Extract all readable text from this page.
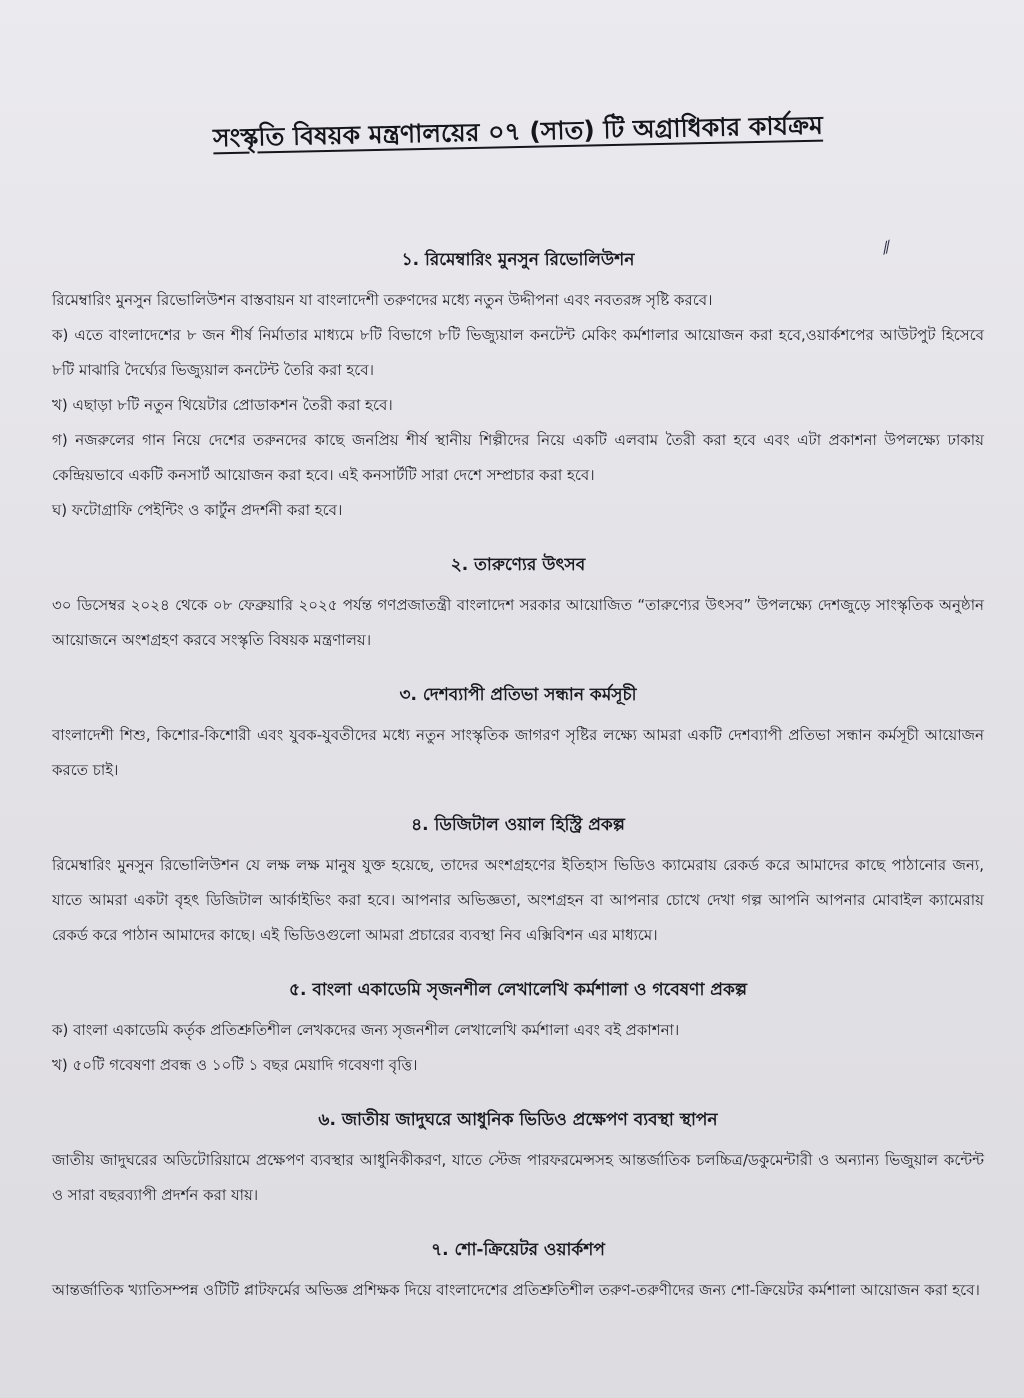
⁄⁄
সংস্কৃতি বিষয়ক মন্ত্রণালয়ের ০৭ (সাত) টি অগ্রাধিকার কার্যক্রম
১. রিমেম্বারিং মুনসুন রিভোলিউশন

রিমেম্বারিং মুনসুন রিভোলিউশন বাস্তবায়ন যা বাংলাদেশী তরুণদের মধ্যে নতুন উদ্দীপনা এবং নবতরঙ্গ সৃষ্টি করবে।

ক) এতে বাংলাদেশের ৮ জন শীর্ষ নির্মাতার মাধ্যমে ৮টি বিভাগে ৮টি ভিজ্যুয়াল কনটেন্ট মেকিং কর্মশালার আয়োজন করা হবে,ওয়ার্কশপের আউটপুট হিসেবে ৮টি মাঝারি দৈর্ঘ্যের ভিজ্যুয়াল কনটেন্ট তৈরি করা হবে।

খ) এছাড়া ৮টি নতুন থিয়েটার প্রোডাকশন তৈরী করা হবে।

গ) নজরুলের গান নিয়ে দেশের তরুনদের কাছে জনপ্রিয় শীর্ষ স্থানীয় শিল্পীদের নিয়ে একটি এলবাম তৈরী করা হবে এবং এটা প্রকাশনা উপলক্ষ্যে ঢাকায় কেন্দ্রিয়ভাবে একটি কনসার্ট আয়োজন করা হবে। এই কনসার্টটি সারা দেশে সম্প্রচার করা হবে।

ঘ) ফটোগ্রাফি পেইন্টিং ও কার্টুন প্রদর্শনী করা হবে।

২. তারুণ্যের উৎসব

৩০ ডিসেম্বর ২০২৪ থেকে ০৮ ফেব্রুয়ারি ২০২৫ পর্যন্ত গণপ্রজাতন্ত্রী বাংলাদেশ সরকার আয়োজিত “তারুণ্যের উৎসব” উপলক্ষ্যে দেশজুড়ে সাংস্কৃতিক অনুষ্ঠান আয়োজনে অংশগ্রহণ করবে সংস্কৃতি বিষয়ক মন্ত্রণালয়।

৩. দেশব্যাপী প্রতিভা সন্ধান কর্মসূচী

বাংলাদেশী শিশু, কিশোর-কিশোরী এবং যুবক-যুবতীদের মধ্যে নতুন সাংস্কৃতিক জাগরণ সৃষ্টির লক্ষ্যে আমরা একটি দেশব্যাপী প্রতিভা সন্ধান কর্মসূচী আয়োজন করতে চাই।

৪. ডিজিটাল ওয়াল হিস্ট্রি প্রকল্প

রিমেম্বারিং মুনসুন রিভোলিউশন যে লক্ষ লক্ষ মানুষ যুক্ত হয়েছে, তাদের অংশগ্রহণের ইতিহাস ভিডিও ক্যামেরায় রেকর্ড করে আমাদের কাছে পাঠানোর জন্য, যাতে আমরা একটা বৃহৎ ডিজিটাল আর্কাইভিং করা হবে। আপনার অভিজ্ঞতা, অংশগ্রহন বা আপনার চোখে দেখা গল্প আপনি আপনার মোবাইল ক্যামেরায় রেকর্ড করে পাঠান আমাদের কাছে। এই ভিডিওগুলো আমরা প্রচারের ব্যবস্থা নিব এক্সিবিশন এর মাধ্যমে।

৫. বাংলা একাডেমি সৃজনশীল লেখালেখি কর্মশালা ও গবেষণা প্রকল্প

ক) বাংলা একাডেমি কর্তৃক প্রতিশ্রুতিশীল লেখকদের জন্য সৃজনশীল লেখালেখি কর্মশালা এবং বই প্রকাশনা।

খ) ৫০টি গবেষণা প্রবন্ধ ও ১০টি ১ বছর মেয়াদি গবেষণা বৃত্তি।

৬. জাতীয় জাদুঘরে আধুনিক ভিডিও প্রক্ষেপণ ব্যবস্থা স্থাপন

জাতীয় জাদুঘরের অডিটোরিয়ামে প্রক্ষেপণ ব্যবস্থার আধুনিকীকরণ, যাতে স্টেজ পারফরমেন্সসহ আন্তর্জাতিক চলচ্চিত্র/ডকুমেন্টারী ও অন্যান্য ভিজুয়াল কন্টেন্ট ও সারা বছরব্যাপী প্রদর্শন করা যায়।

৭. শো-ক্রিয়েটর ওয়ার্কশপ

আন্তর্জাতিক খ্যাতিসম্পন্ন ওটিটি প্লাটফর্মের অভিজ্ঞ প্রশিক্ষক দিয়ে বাংলাদেশের প্রতিশ্রুতিশীল তরুণ-তরুণীদের জন্য শো-ক্রিয়েটর কর্মশালা আয়োজন করা হবে।
